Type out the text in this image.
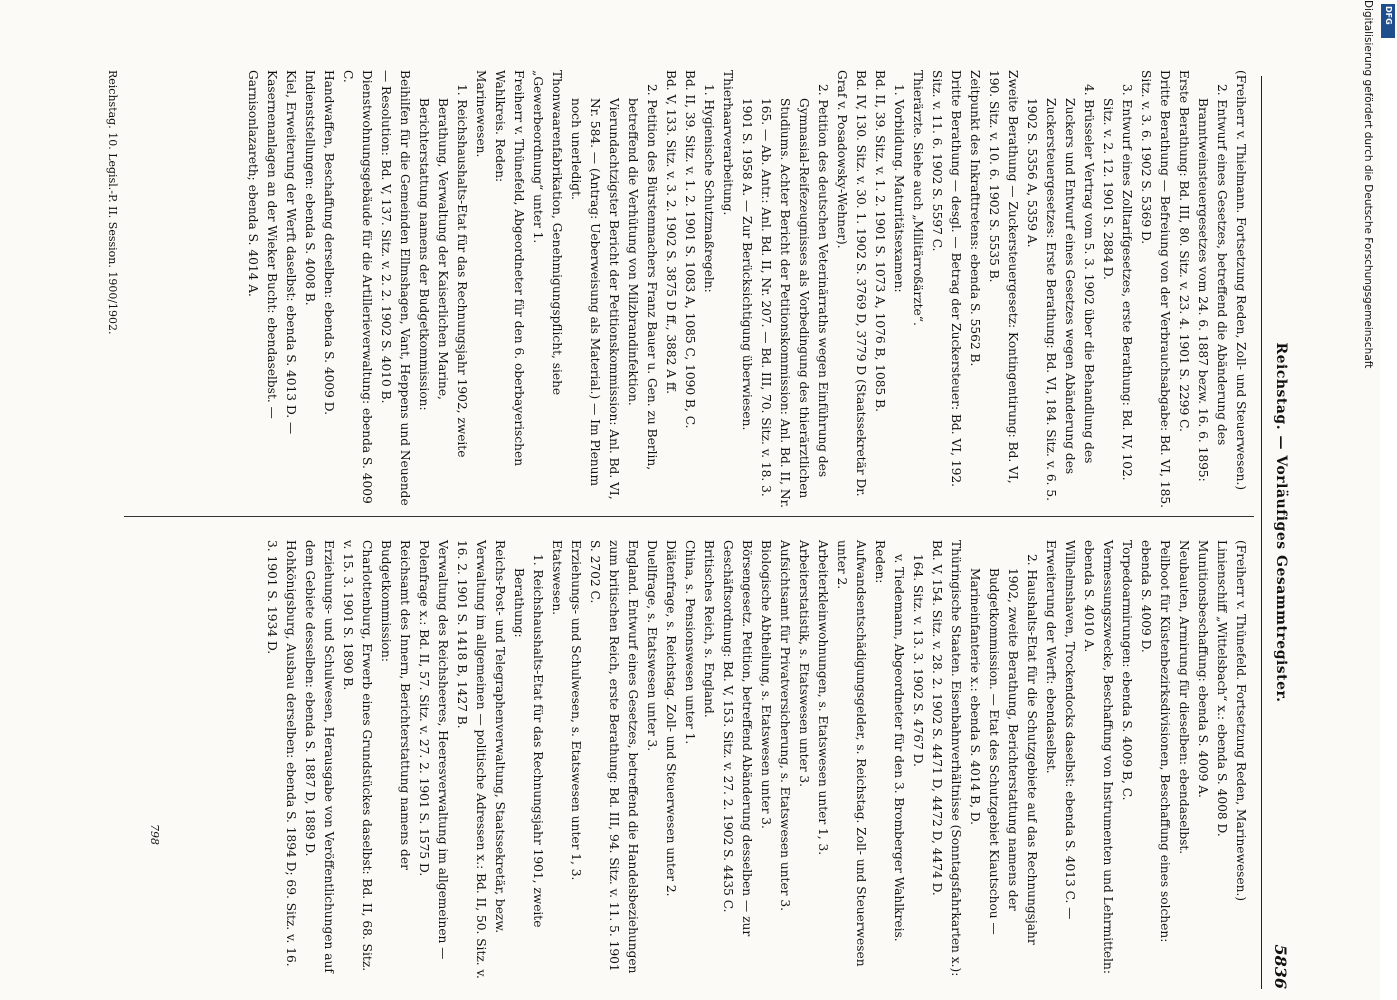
Reichstag. — Vorläufiges Gesammtregister.
5836

(Freiherr v. Thielmann. Fortsetzung Reden, Zoll- und Steuerwesen.)

2. Entwurf eines Gesetzes, betreffend die Abänderung des Branntweinsteuergesetzes vom 24. 6. 1887 bezw. 16. 6. 1895:

Erste Berathung: Bd. III, 80. Sitz. v. 23. 4. 1901 S. 2299 C.

Dritte Berathung — Befreiung von der Verbrauchsabgabe: Bd. VI, 185. Sitz. v. 3. 6. 1902 S. 5369 D.

3. Entwurf eines Zolltarifgesetzes, erste Berathung: Bd. IV, 102. Sitz. v. 2. 12. 1901 S. 2884 D.

4. Brüsseler Vertrag vom 5. 3. 1902 über die Behandlung des Zuckers und Entwurf eines Gesetzes wegen Abänderung des Zuckersteuergesetzes: Erste Berathung: Bd. VI, 184. Sitz. v. 6. 5. 1902 S. 5356 A, 5359 A.

Zweite Berathung — Zuckersteuergesetz: Kontingentirung: Bd. VI, 190. Sitz. v. 10. 6. 1902 S. 5535 B.

Zeitpunkt des Inkrafttretens: ebenda S. 5562 B.

Dritte Berathung — desgl. — Betrag der Zuckersteuer: Bd. VI, 192. Sitz. v. 11. 6. 1902 S. 5597 C.

Thierärzte. Siehe auch „Militärroßärzte“.

1. Vorbildung. Maturitätsexamen:

Bd. II, 39. Sitz. v. 1. 2. 1901 S. 1073 A, 1076 B, 1085 B.

Bd. IV, 130. Sitz. v. 30. 1. 1902 S. 3769 D, 3779 D (Staatssekretär Dr. Graf v. Posadowsky-Wehner).

2. Petition des deutschen Veterinärraths wegen Einführung des Gymnasial-Reifezeugnisses als Vorbedingung des thierärztlichen Studiums. Achter Bericht der Petitionskommission: Anl. Bd. II, Nr. 165. — Ab. Antr.: Anl. Bd. II, Nr. 207. — Bd. III, 70. Sitz. v. 18. 3. 1901 S. 1958 A. — Zur Berücksichtigung überwiesen.

Thierhaarverarbeitung.

1. Hygienische Schutzmaßregeln:

Bd. II, 39. Sitz. v. 1. 2. 1901 S. 1083 A, 1085 C, 1090 B, C.

Bd. V, 133. Sitz. v. 3. 2. 1902 S. 3875 D ff., 3882 A ff.

2. Petition des Bürstenmachers Franz Bauer u. Gen. zu Berlin, betreffend die Verhütung von Milzbrandinfektion. Vierundachtzigster Bericht der Petitionskommission: Anl. Bd. VI, Nr. 584. — (Antrag: Ueberweisung als Material.) — Im Plenum noch unerledigt.

Thonwaarenfabrikation, Genehmigungspflicht, siehe „Gewerbeordnung“ unter 1.

Freiherr v. Thünefeld, Abgeordneter für den 6. oberbayerischen Wahlkreis. Reden:

Marinewesen.

1. Reichshaushalts-Etat für das Rechnungsjahr 1902, zweite Berathung, Verwaltung der Kaiserlichen Marine, Berichterstattung namens der Budgetkommission:

Beihilfen für die Gemeinden Ellmshagen, Vant, Heppens und Neuende — Resolution: Bd. V, 137. Sitz. v. 2. 2. 1902 S. 4010 B.

Dienstwohnungsgebäude für die Artillerieverwaltung: ebenda S. 4009 C.

Handwaffen, Beschaffung derselben: ebenda S. 4009 D.

Indienststellungen: ebenda S. 4008 B.

Kiel, Erweiterung der Werft daselbst: ebenda S. 4013 D. — Kasernenanlagen an der Wieker Bucht: ebendaselbst. — Garnisonlazareth; ebenda S. 4014 A.

(Freiherr v. Thünefeld. Fortsetzung Reden, Marinewesen.)

Linienschiff „Wittelsbach“ x.: ebenda S. 4008 D.

Munitionsbeschaffung: ebenda S. 4009 A.

Neubauten, Armirung für dieselben: ebendaselbst.

Peilboot für Küstenbezirksdivisionen, Beschaffung eines solchen: ebenda S. 4009 D.

Torpedoarmirungen: ebenda S. 4009 B, C.

Vermessungszwecke, Beschaffung von Instrumenten und Lehrmitteln: ebenda S. 4010 A.

Wilhelmshaven, Trockendocks daselbst: ebenda S. 4013 C. — Erweiterung der Werft: ebendaselbst.

2. Haushalts-Etat für die Schutzgebiete auf das Rechnungsjahr 1902, zweite Berathung, Berichterstattung namens der Budgetkommission. — Etat des Schutzgebiet Kiautschou — Marineinfanterie x.: ebenda S. 4014 B, D.

Thüringische Staaten. Eisenbahnverhältnisse (Sonntagsfahrkarten x.):

Bd. V, 154. Sitz. v. 28. 2. 1902 S. 4471 D, 4472 D, 4474 D.

164. Sitz. v. 13. 3. 1902 S. 4767 D.

v. Tiedemann, Abgeordneter für den 3. Bromberger Wahlkreis.

Reden:

Aufwandsentschädigungsgelder, s. Reichstag. Zoll- und Steuerwesen unter 2.

Arbeiterkleinwohnungen, s. Etatswesen unter 1, 3.

Arbeiterstatistik, s. Etatswesen unter 3.

Aufsichtsamt für Privatversicherung, s. Etatswesen unter 3.

Biologische Abtheilung, s. Etatswesen unter 3.

Börsengesetz. Petition, betreffend Abänderung desselben — zur Geschäftsordnung: Bd. V, 153. Sitz. v. 27. 2. 1902 S. 4435 C.

Britisches Reich, s. England.

China, s. Pensionswesen unter 1.

Diätenfrage, s. Reichstag. Zoll- und Steuerwesen unter 2.

Duellfrage, s. Etatswesen unter 3.

England. Entwurf eines Gesetzes, betreffend die Handelsbeziehungen zum britischen Reich, erste Berathung: Bd. III, 94. Sitz. v. 11. 5. 1901 S. 2702 C.

Erziehungs- und Schulwesen, s. Etatswesen unter 1, 3.

Etatswesen.

1. Reichshaushalts-Etat für das Rechnungsjahr 1901, zweite Berathung:

Reichs-Post- und Telegraphenverwaltung, Staatssekretär, bezw. Verwaltung im allgemeinen — politische Adressen x.: Bd. II, 50. Sitz. v. 16. 2. 1901 S. 1418 B, 1427 B.

Verwaltung des Reichsheeres, Heeresverwaltung im allgemeinen — Polenfrage x.: Bd. II, 57. Sitz. v. 27. 2. 1901 S. 1575 D.

Reichsamt des Innern, Berichterstattung namens der Budgetkommission:

Charlottenburg, Erwerb eines Grundstückes daselbst: Bd. II, 68. Sitz. v. 15. 3. 1901 S. 1890 B.

Erziehungs- und Schulwesen, Herausgabe von Veröffentlichungen auf dem Gebiete desselben: ebenda S. 1887 D, 1889 D.

Hohkönigsburg, Ausbau derselben: ebenda S. 1894 D; 69. Sitz. v. 16. 3. 1901 S. 1934 D.

798
Reichstag. 10. Legisl.-P. II. Session. 1900/1902.	Digitalisierung gefördert durch die Deutsche Forschungsgemeinschaft DFG
